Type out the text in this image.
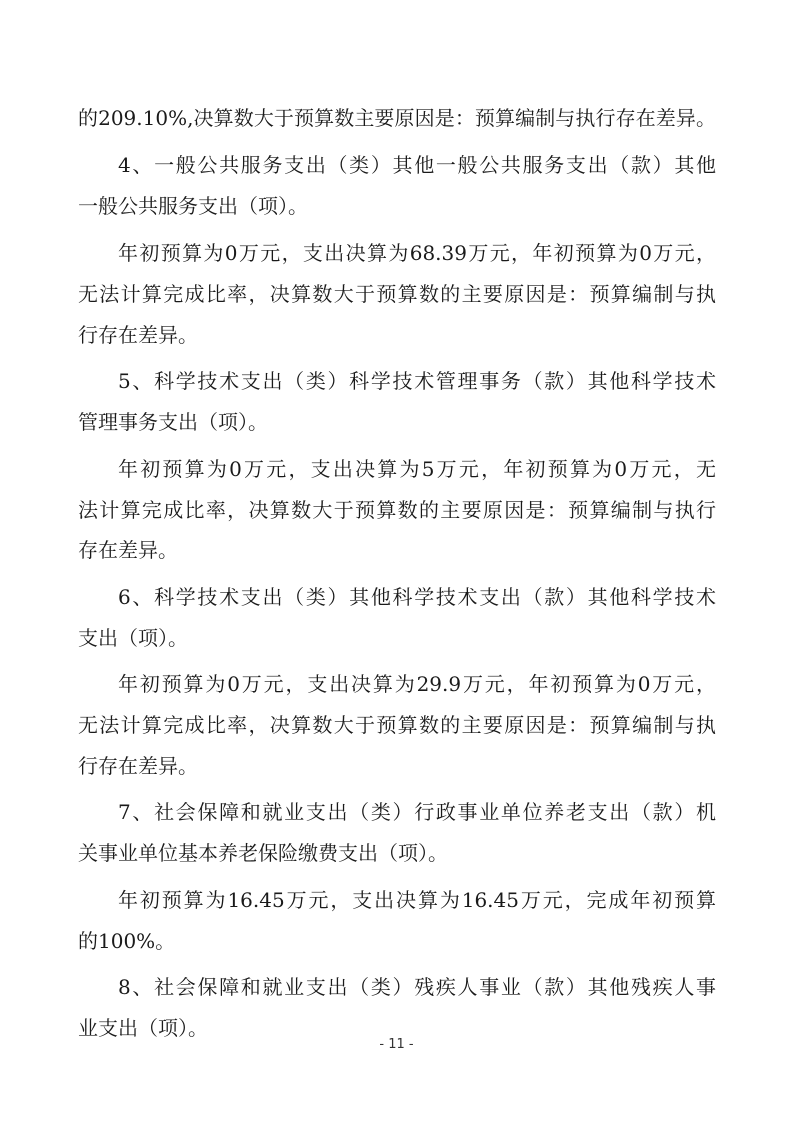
的209.10%,决算数大于预算数主要原因是：预算编制与执行存在差异。
4、一般公共服务支出（类）其他一般公共服务支出（款）其他
一般公共服务支出（项）。
年初预算为0万元，支出决算为68.39万元，年初预算为0万元，
无法计算完成比率，决算数大于预算数的主要原因是：预算编制与执
行存在差异。
5、科学技术支出（类）科学技术管理事务（款）其他科学技术
管理事务支出（项）。
年初预算为0万元，支出决算为5万元，年初预算为0万元，无
法计算完成比率，决算数大于预算数的主要原因是：预算编制与执行
存在差异。
6、科学技术支出（类）其他科学技术支出（款）其他科学技术
支出（项）。
年初预算为0万元，支出决算为29.9万元，年初预算为0万元，
无法计算完成比率，决算数大于预算数的主要原因是：预算编制与执
行存在差异。
7、社会保障和就业支出（类）行政事业单位养老支出（款）机
关事业单位基本养老保险缴费支出（项）。
年初预算为16.45万元，支出决算为16.45万元，完成年初预算
的100%。
8、社会保障和就业支出（类）残疾人事业（款）其他残疾人事
业支出（项）。
- 11 -
